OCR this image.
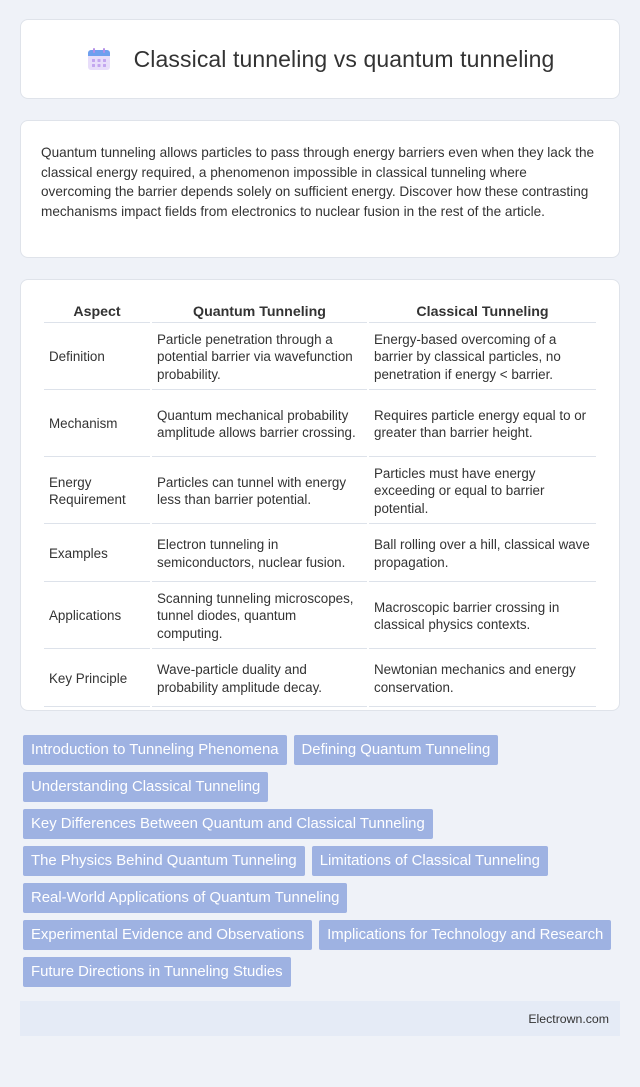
Classical tunneling vs quantum tunneling

Quantum tunneling allows particles to pass through energy barriers even when they lack the classical energy required, a phenomenon impossible in classical tunneling where overcoming the barrier depends solely on sufficient energy. Discover how these contrasting mechanisms impact fields from electronics to nuclear fusion in the rest of the article.

Aspect	Quantum Tunneling	Classical Tunneling
Definition	Particle penetration through a potential barrier via wavefunction probability.	Energy-based overcoming of a barrier by classical particles, no penetration if energy < barrier.
Mechanism	Quantum mechanical probability amplitude allows barrier crossing.	Requires particle energy equal to or greater than barrier height.
Energy Requirement	Particles can tunnel with energy less than barrier potential.	Particles must have energy exceeding or equal to barrier potential.
Examples	Electron tunneling in semiconductors, nuclear fusion.	Ball rolling over a hill, classical wave propagation.
Applications	Scanning tunneling microscopes, tunnel diodes, quantum computing.	Macroscopic barrier crossing in classical physics contexts.
Key Principle	Wave-particle duality and probability amplitude decay.	Newtonian mechanics and energy conservation.
Introduction to Tunneling Phenomena	Defining Quantum Tunneling
Understanding Classical Tunneling
Key Differences Between Quantum and Classical Tunneling
The Physics Behind Quantum Tunneling	Limitations of Classical Tunneling
Real-World Applications of Quantum Tunneling
Experimental Evidence and Observations	Implications for Technology and Research
Future Directions in Tunneling Studies
Electrown.com
